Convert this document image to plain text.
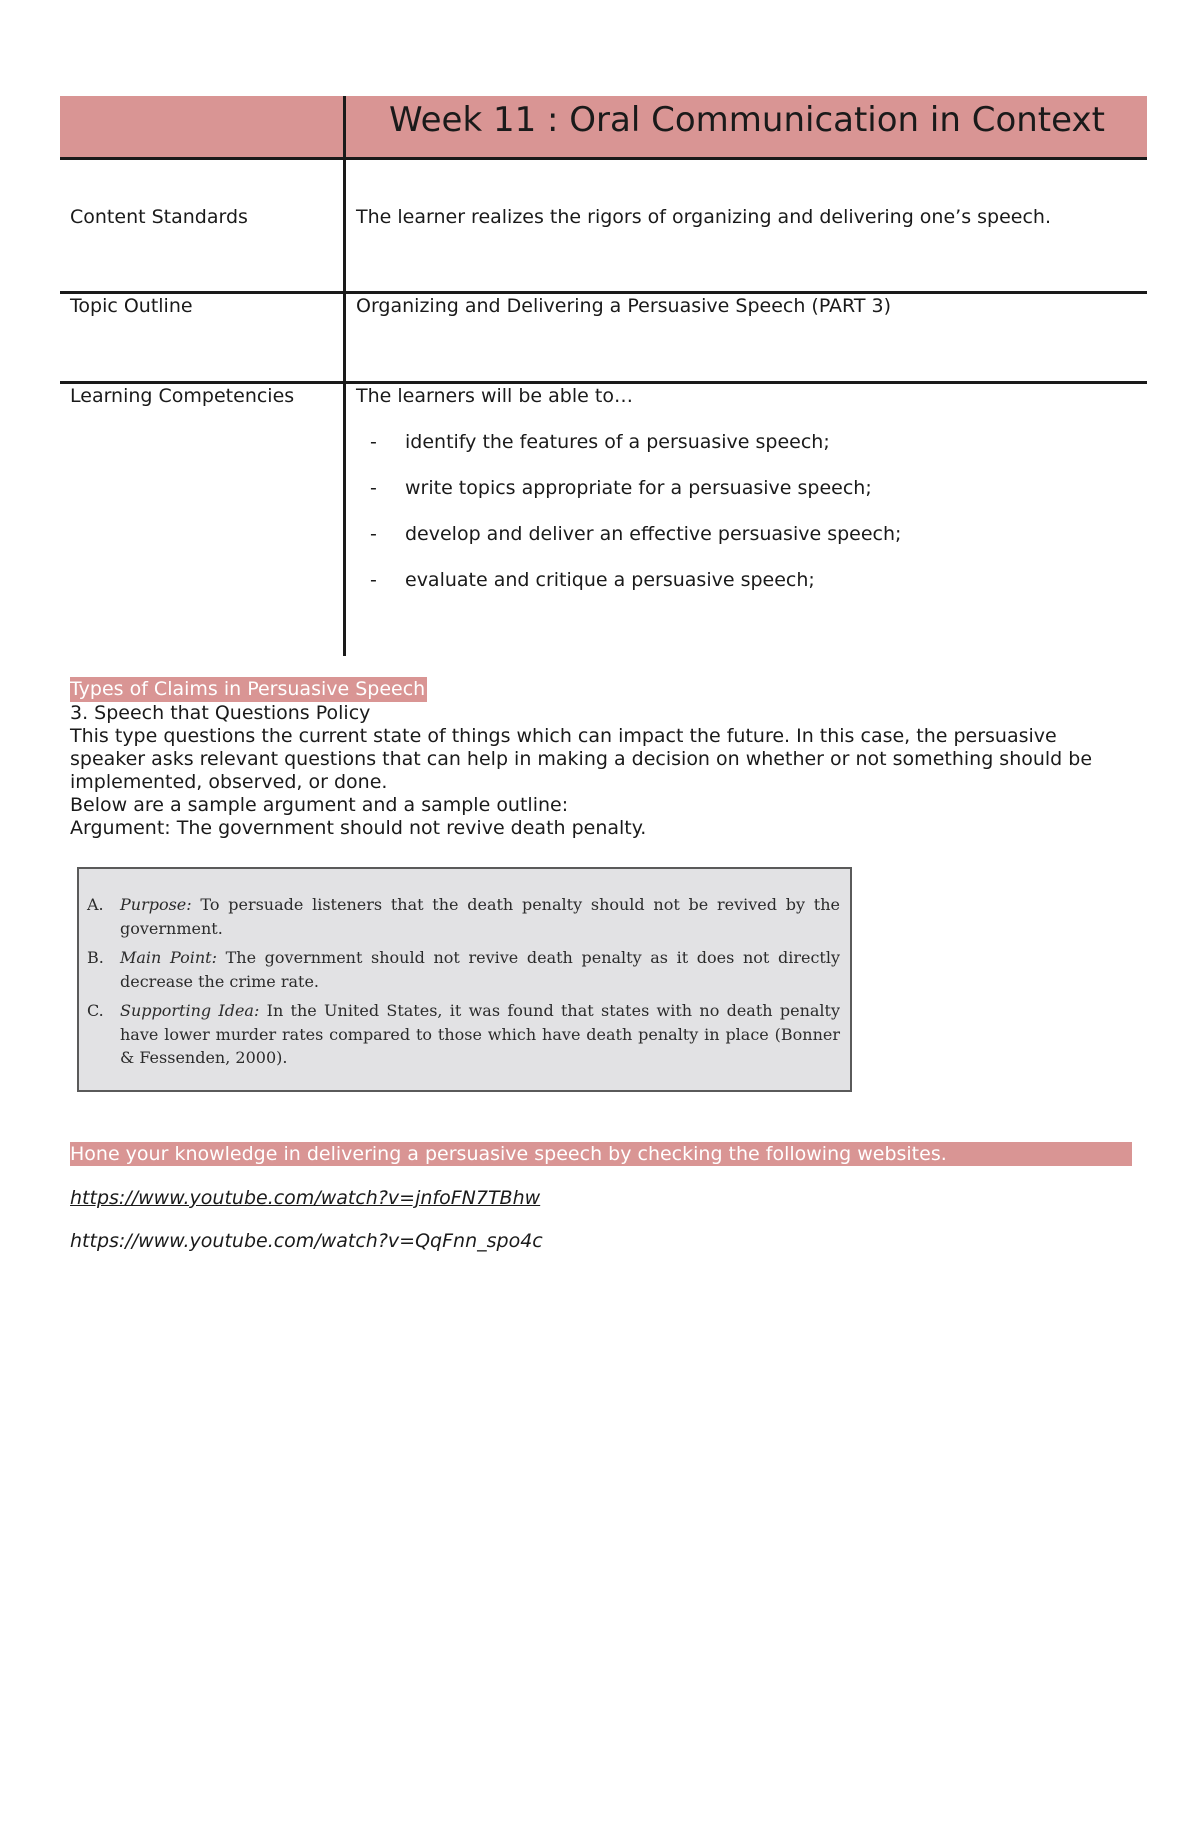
Week 11 : Oral Communication in Context
Content Standards	The learner realizes the rigors of organizing and delivering one’s speech.
Topic Outline	Organizing and Delivering a Persuasive Speech (PART 3)
Learning Competencies	The learners will be able to…
- identify the features of a persuasive speech;
- write topics appropriate for a persuasive speech;
- develop and deliver an effective persuasive speech;
- evaluate and critique a persuasive speech;
Types of Claims in Persuasive Speech
3. Speech that Questions Policy
This type questions the current state of things which can impact the future. In this case, the persuasive
speaker asks relevant questions that can help in making a decision on whether or not something should be
implemented, observed, or done.
Below are a sample argument and a sample outline:
Argument: The government should not revive death penalty.
A. Purpose: To persuade listeners that the death penalty should not be revived by the government.
B. Main Point: The government should not revive death penalty as it does not directly decrease the crime rate.
C. Supporting Idea: In the United States, it was found that states with no death penalty have lower murder rates compared to those which have death penalty in place (Bonner & Fessenden, 2000).
Hone your knowledge in delivering a persuasive speech by checking the following websites.
https://www.youtube.com/watch?v=jnfoFN7TBhw
https://www.youtube.com/watch?v=QqFnn_spo4c
